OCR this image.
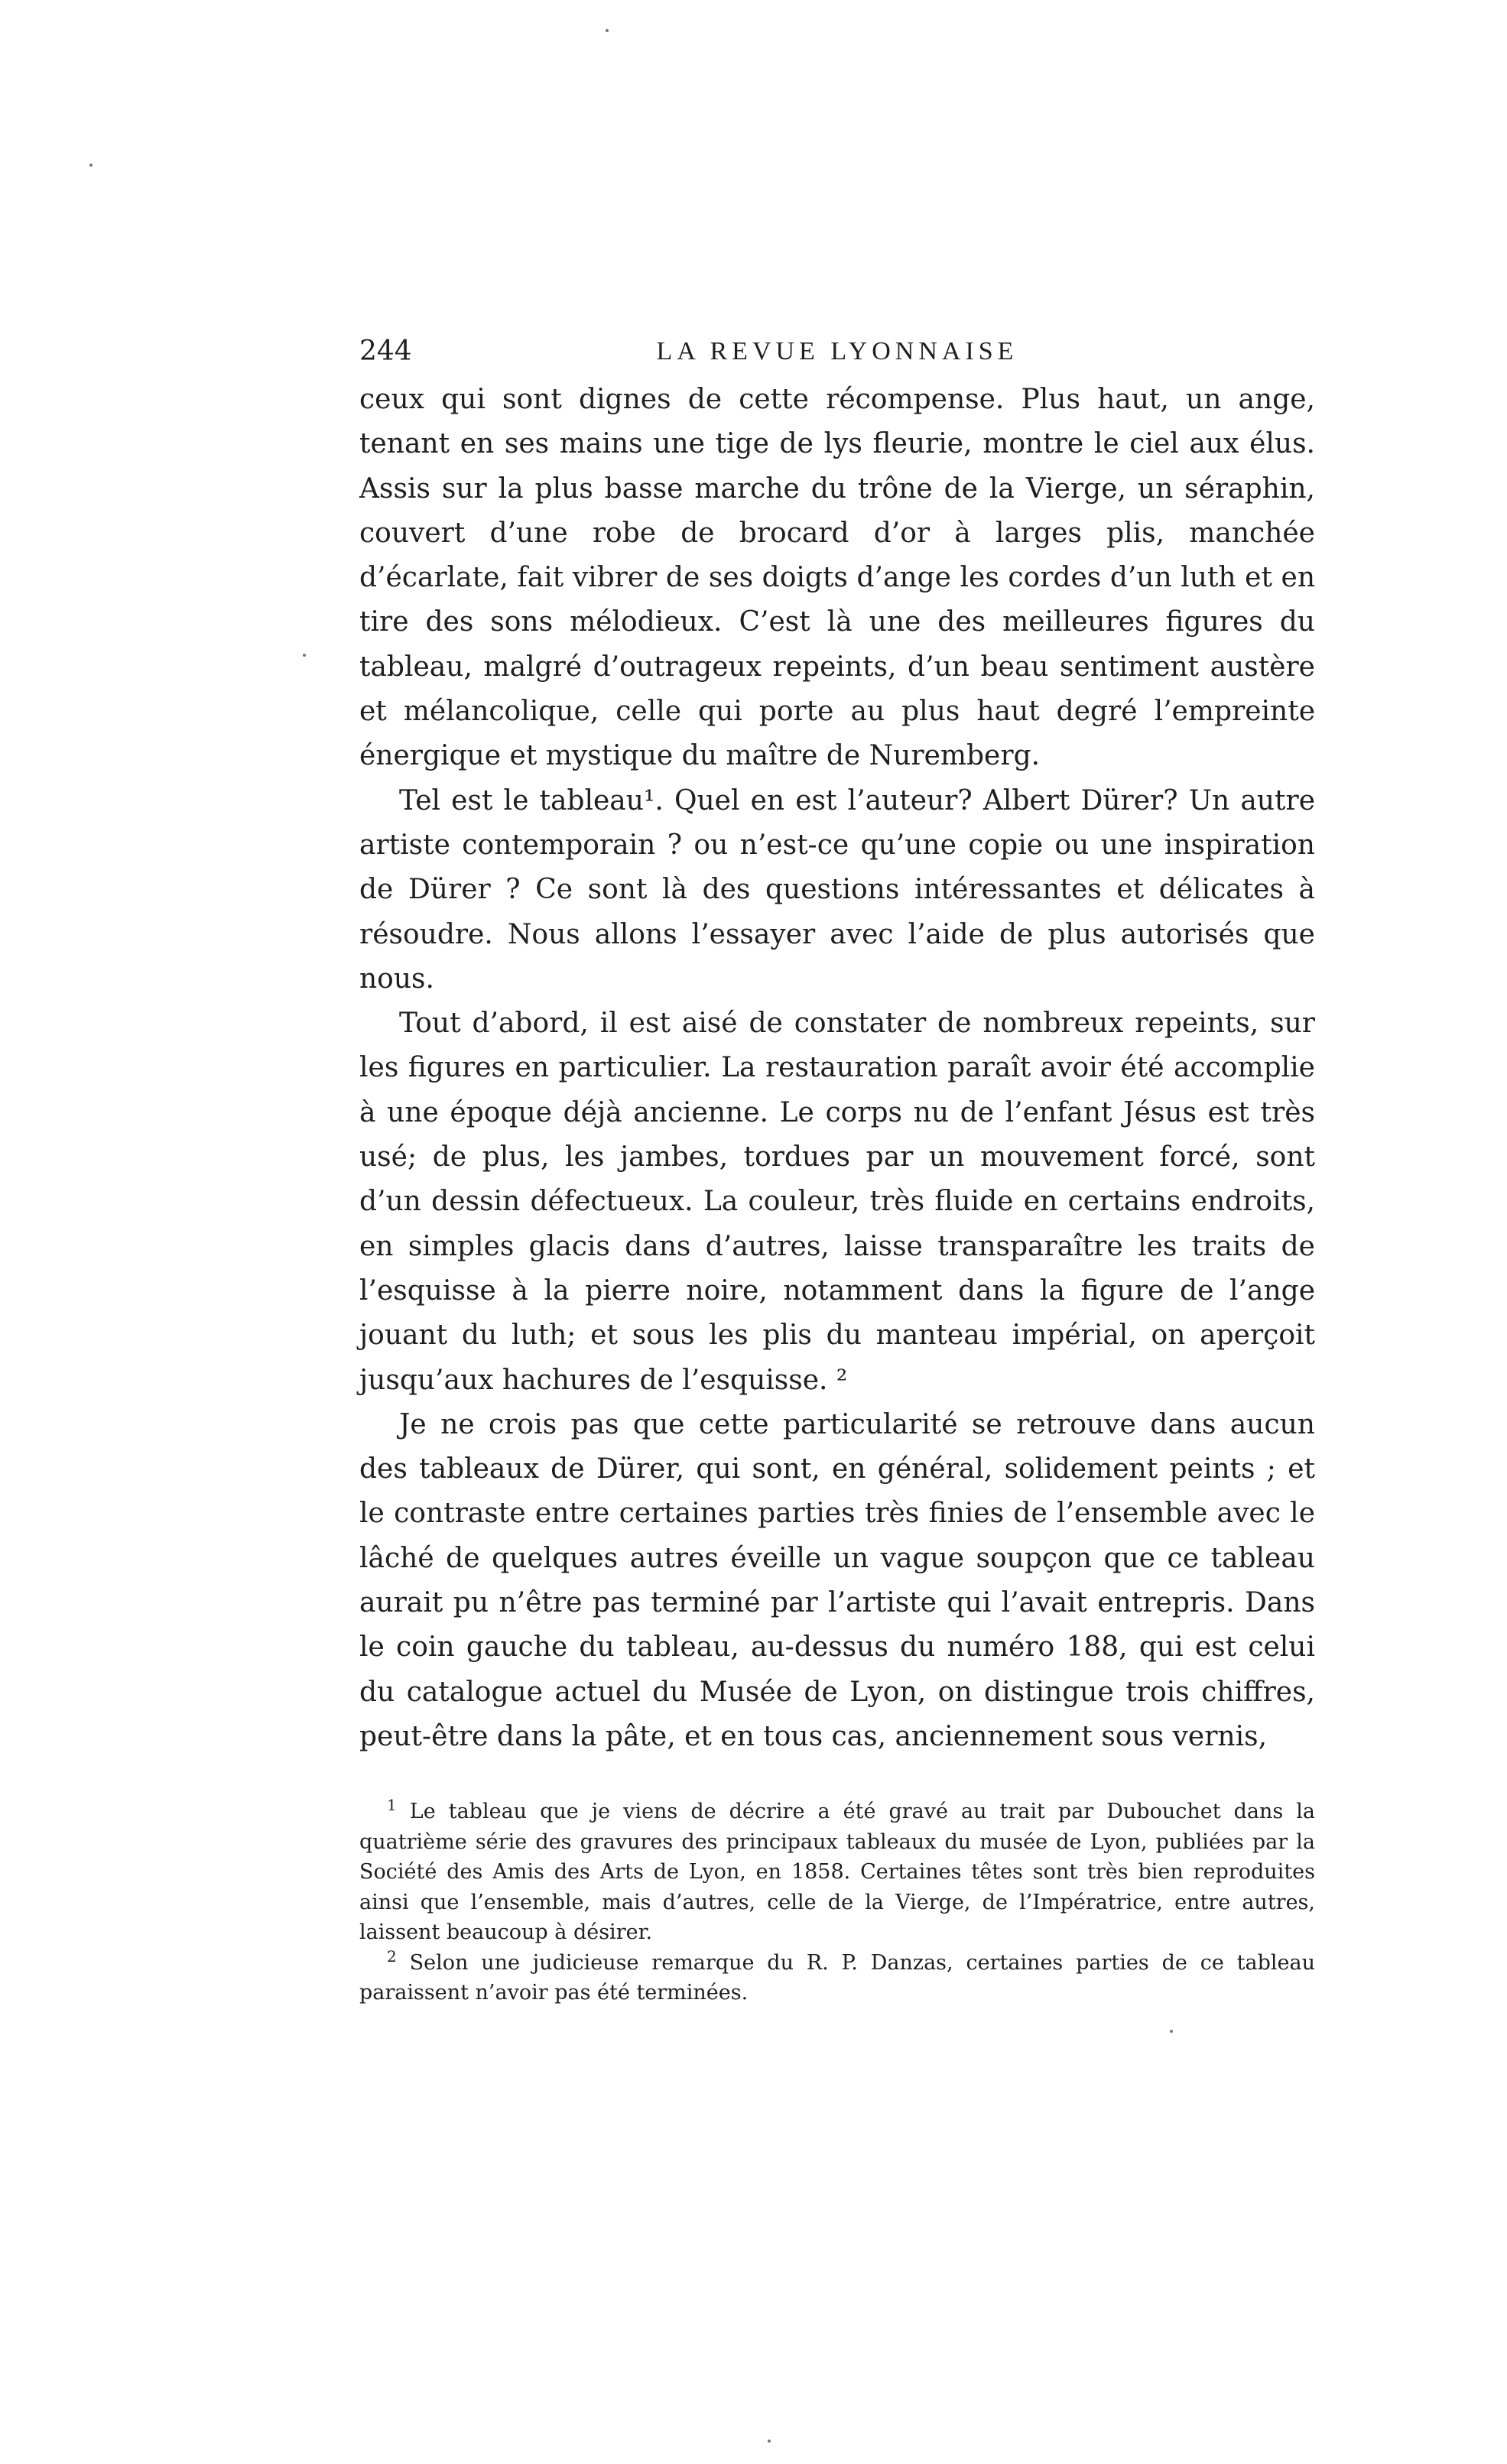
244	LA REVUE LYONNAISE

ceux qui sont dignes de cette récompense. Plus haut, un ange, tenant en ses mains une tige de lys fleurie, montre le ciel aux élus. Assis sur la plus basse marche du trône de la Vierge, un séraphin, couvert d’une robe de brocard d’or à larges plis, manchée d’écarlate, fait vibrer de ses doigts d’ange les cordes d’un luth et en tire des sons mélodieux. C’est là une des meilleures figures du tableau, malgré d’outrageux repeints, d’un beau sentiment austère et mélancolique, celle qui porte au plus haut degré l’empreinte énergique et mystique du maître de Nuremberg.

Tel est le tableau¹. Quel en est l’auteur? Albert Dürer? Un autre artiste contemporain ? ou n’est-ce qu’une copie ou une inspiration de Dürer ? Ce sont là des questions intéressantes et délicates à résoudre. Nous allons l’essayer avec l’aide de plus autorisés que nous.

Tout d’abord, il est aisé de constater de nombreux repeints, sur les figures en particulier. La restauration paraît avoir été accomplie à une époque déjà ancienne. Le corps nu de l’enfant Jésus est très usé; de plus, les jambes, tordues par un mouvement forcé, sont d’un dessin défectueux. La couleur, très fluide en certains endroits, en simples glacis dans d’autres, laisse transparaître les traits de l’esquisse à la pierre noire, notamment dans la figure de l’ange jouant du luth; et sous les plis du manteau impérial, on aperçoit jusqu’aux hachures de l’esquisse. ²

Je ne crois pas que cette particularité se retrouve dans aucun des tableaux de Dürer, qui sont, en général, solidement peints ; et le contraste entre certaines parties très finies de l’ensemble avec le lâché de quelques autres éveille un vague soupçon que ce tableau aurait pu n’être pas terminé par l’artiste qui l’avait entrepris. Dans le coin gauche du tableau, au-dessus du numéro 188, qui est celui du catalogue actuel du Musée de Lyon, on distingue trois chiffres, peut-être dans la pâte, et en tous cas, anciennement sous vernis,

$^1$ Le tableau que je viens de décrire a été gravé au trait par Dubouchet dans la quatrième série des gravures des principaux tableaux du musée de Lyon, publiées par la Société des Amis des Arts de Lyon, en 1858. Certaines têtes sont très bien reproduites ainsi que l’ensemble, mais d’autres, celle de la Vierge, de l’Impératrice, entre autres, laissent beaucoup à désirer.

$^2$ Selon une judicieuse remarque du R. P. Danzas, certaines parties de ce tableau paraissent n’avoir pas été terminées.
